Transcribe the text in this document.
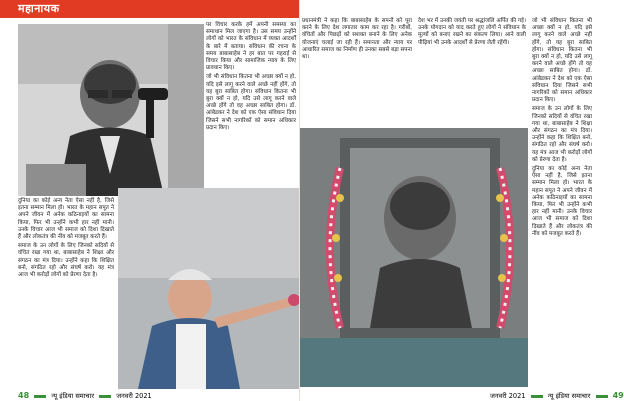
महानायक

पर विचार करके हमें अपनी समस्या का समाधान मिल जाएगा है। उस समय उन्होंने लोगों को भारत के संविधान में व्यक्त आदर्शों के बारे में बताया। संविधान की रचना के समय बाबासाहेब ने हर बात पर गहराई से विचार किया और सामाजिक न्याय के लिए प्रावधान किए।

जो भी संविधान कितना भी अच्छा क्यों न हो, यदि इसे लागू करने वाले अच्छे नहीं होंगे, तो यह बुरा साबित होगा। संविधान कितना भी बुरा क्यों न हो, यदि उसे लागू करने वाले अच्छे होंगे तो वह अच्छा साबित होगा। डॉ. आंबेडकर ने देश को एक ऐसा संविधान दिया जिसने सभी नागरिकों को समान अधिकार प्रदान किए।

दुनिया का कोई अन्य नेता ऐसा नहीं है, जिसे इतना सम्मान मिला हो। भारत के महान सपूत ने अपने जीवन में अनेक कठिनाइयों का सामना किया, फिर भी उन्होंने कभी हार नहीं मानी। उनके विचार आज भी समाज को दिशा दिखाते हैं और लोकतंत्र की नींव को मजबूत करते हैं।

समाज के उन लोगों के लिए जिनको सदियों से वंचित रखा गया था, बाबासाहेब ने शिक्षा और संगठन का मंत्र दिया। उन्होंने कहा कि शिक्षित बनो, संगठित रहो और संघर्ष करो। यह मंत्र आज भी करोड़ों लोगों को प्रेरणा देता है।

48	न्यू इंडिया समाचार	जनवरी 2021

प्रधानमंत्री ने कहा कि बाबासाहेब के सपनों को पूरा करने के लिए देश लगातार काम कर रहा है। गरीबों, वंचितों और पिछड़ों को सशक्त बनाने के लिए अनेक योजनाएं चलाई जा रही हैं। समानता और न्याय पर आधारित समाज का निर्माण ही उनका सबसे बड़ा सपना था।

देश भर में उनकी जयंती पर श्रद्धांजलि अर्पित की गई। उनके योगदान को याद करते हुए लोगों ने संविधान के मूल्यों को बनाए रखने का संकल्प लिया। आने वाली पीढ़ियां भी उनके आदर्शों से प्रेरणा लेती रहेंगी।

जो भी संविधान कितना भी अच्छा क्यों न हो, यदि इसे लागू करने वाले अच्छे नहीं होंगे, तो यह बुरा साबित होगा। संविधान कितना भी बुरा क्यों न हो, यदि उसे लागू करने वाले अच्छे होंगे तो वह अच्छा साबित होगा। डॉ. आंबेडकर ने देश को एक ऐसा संविधान दिया जिसने सभी नागरिकों को समान अधिकार प्रदान किए।

समाज के उन लोगों के लिए जिनको सदियों से वंचित रखा गया था, बाबासाहेब ने शिक्षा और संगठन का मंत्र दिया। उन्होंने कहा कि शिक्षित बनो, संगठित रहो और संघर्ष करो। यह मंत्र आज भी करोड़ों लोगों को प्रेरणा देता है।

दुनिया का कोई अन्य नेता ऐसा नहीं है, जिसे इतना सम्मान मिला हो। भारत के महान सपूत ने अपने जीवन में अनेक कठिनाइयों का सामना किया, फिर भी उन्होंने कभी हार नहीं मानी। उनके विचार आज भी समाज को दिशा दिखाते हैं और लोकतंत्र की नींव को मजबूत करते हैं।

जनवरी 2021	न्यू इंडिया समाचार	49
